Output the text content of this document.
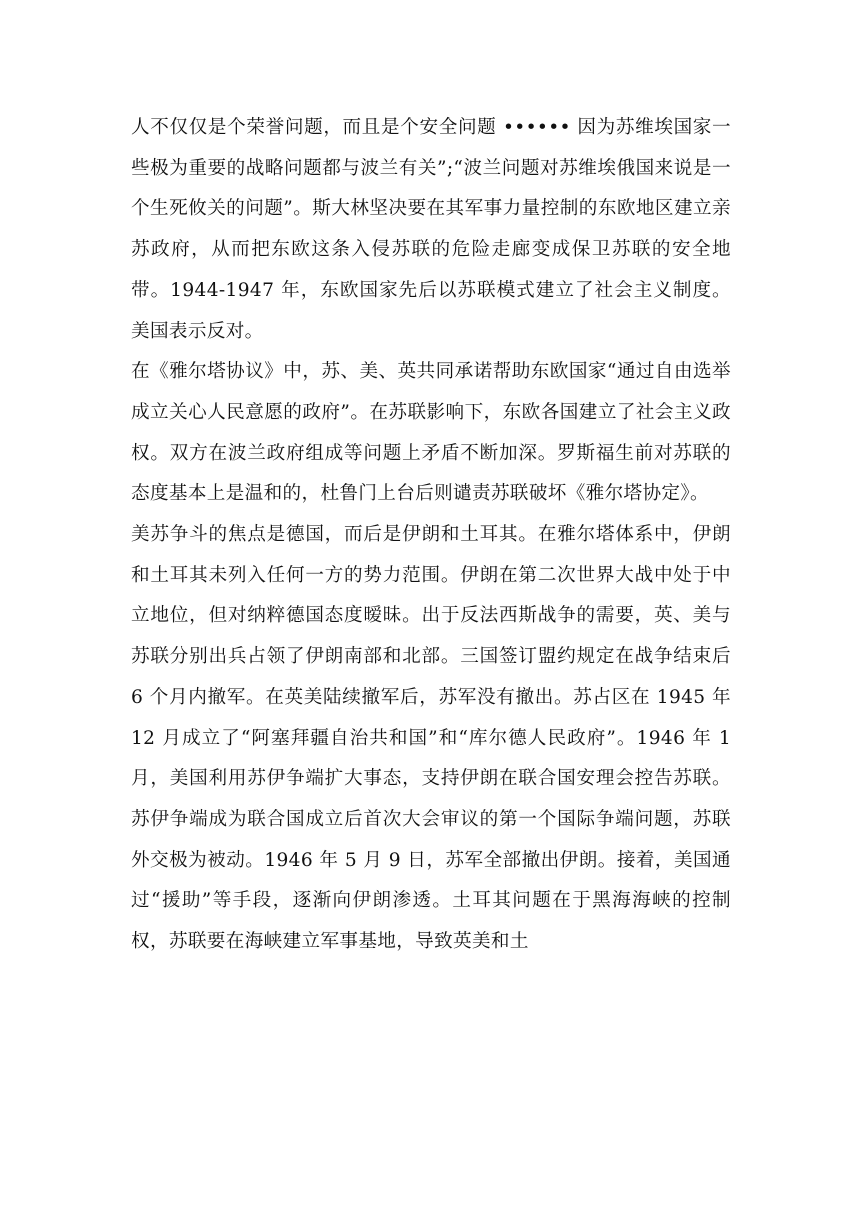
人不仅仅是个荣誉问题，而且是个安全问题 •••••• 因为苏维埃国家一些极为重要的战略问题都与波兰有关”;“波兰问题对苏维埃俄国来说是一个生死攸关的问题”。斯大林坚决要在其军事力量控制的东欧地区建立亲苏政府，从而把东欧这条入侵苏联的危险走廊变成保卫苏联的安全地带。1944-1947 年，东欧国家先后以苏联模式建立了社会主义制度。美国表示反对。

在《雅尔塔协议》中，苏、美、英共同承诺帮助东欧国家“通过自由选举成立关心人民意愿的政府”。在苏联影响下，东欧各国建立了社会主义政权。双方在波兰政府组成等问题上矛盾不断加深。罗斯福生前对苏联的态度基本上是温和的，杜鲁门上台后则谴责苏联破坏《雅尔塔协定》。

美苏争斗的焦点是德国，而后是伊朗和土耳其。在雅尔塔体系中，伊朗和土耳其未列入任何一方的势力范围。伊朗在第二次世界大战中处于中立地位，但对纳粹德国态度暧昧。出于反法西斯战争的需要，英、美与苏联分别出兵占领了伊朗南部和北部。三国签订盟约规定在战争结束后 6 个月内撤军。在英美陆续撤军后，苏军没有撤出。苏占区在 1945 年 12 月成立了“阿塞拜疆自治共和国”和“库尔德人民政府”。1946 年 1 月，美国利用苏伊争端扩大事态，支持伊朗在联合国安理会控告苏联。苏伊争端成为联合国成立后首次大会审议的第一个国际争端问题，苏联外交极为被动。1946 年 5 月 9 日，苏军全部撤出伊朗。接着，美国通过“援助”等手段，逐渐向伊朗渗透。土耳其问题在于黑海海峡的控制权，苏联要在海峡建立军事基地，导致英美和土
